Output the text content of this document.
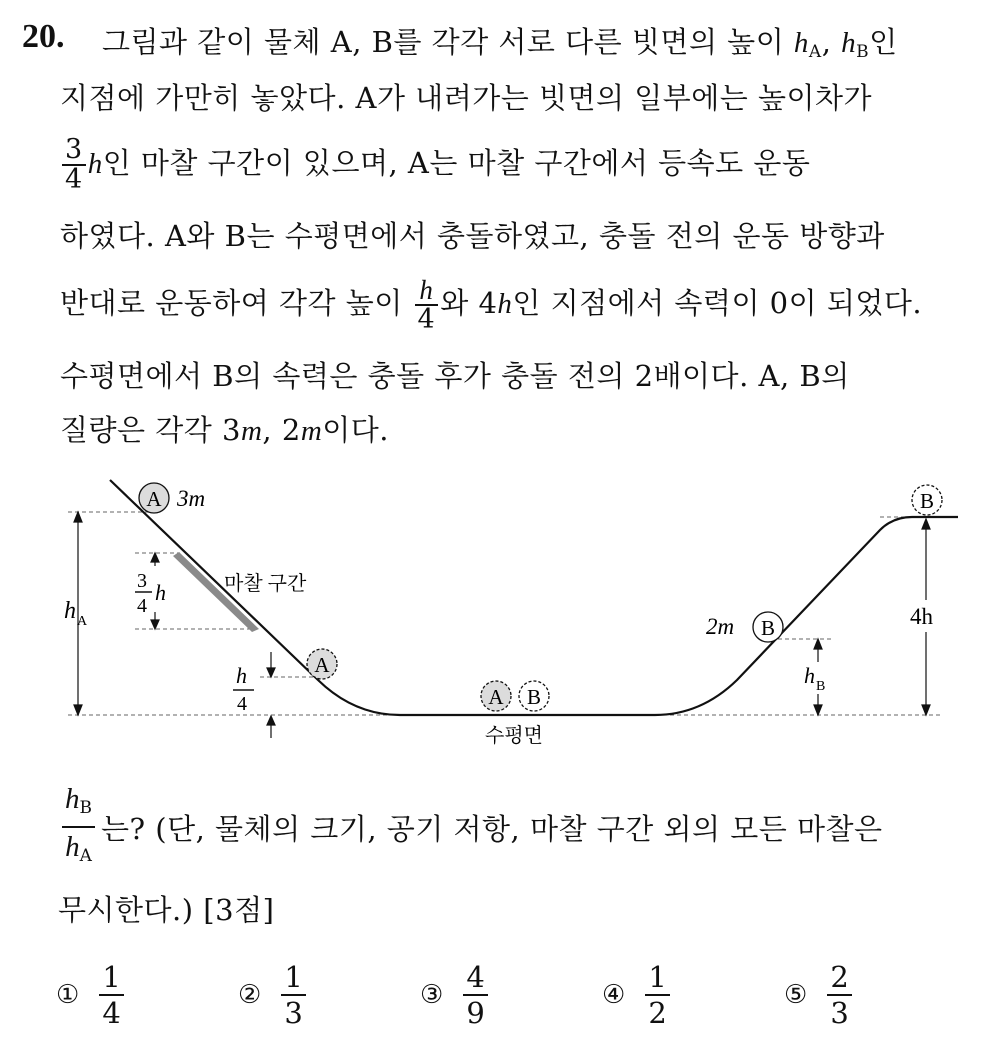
20. 그림과 같이 물체 A, B를 각각 서로 다른 빗면의 높이 $h_A$, $h_B$인
지점에 가만히 놓았다. A가 내려가는 빗면의 일부에는 높이차가
$\frac{3}{4}$ h인 마찰 구간이 있으며, A는 마찰 구간에서 등속도 운동
하였다. A와 B는 수평면에서 충돌하였고, 충돌 전의 운동 방향과
반대로 운동하여 각각 높이 $\frac{h}{4}$ 와 4h인 지점에서 속력이 0이 되었다.
수평면에서 B의 속력은 충돌 후가 충돌 전의 2배이다. A, B의
질량은 각각 3m, 2m이다.
h A
3
4
h	마찰 구간
h
4
A 3m
A
A B
수평면
B
2m
B
h B
4h
$\frac{h_B}{h_A}$ 는? (단, 물체의 크기, 공기 저항, 마찰 구간 외의 모든 마찰은
무시한다.) [3점]
① $\frac{1}{4}$	② $\frac{1}{3}$	③ $\frac{4}{9}$	④ $\frac{1}{2}$	⑤ $\frac{2}{3}$
